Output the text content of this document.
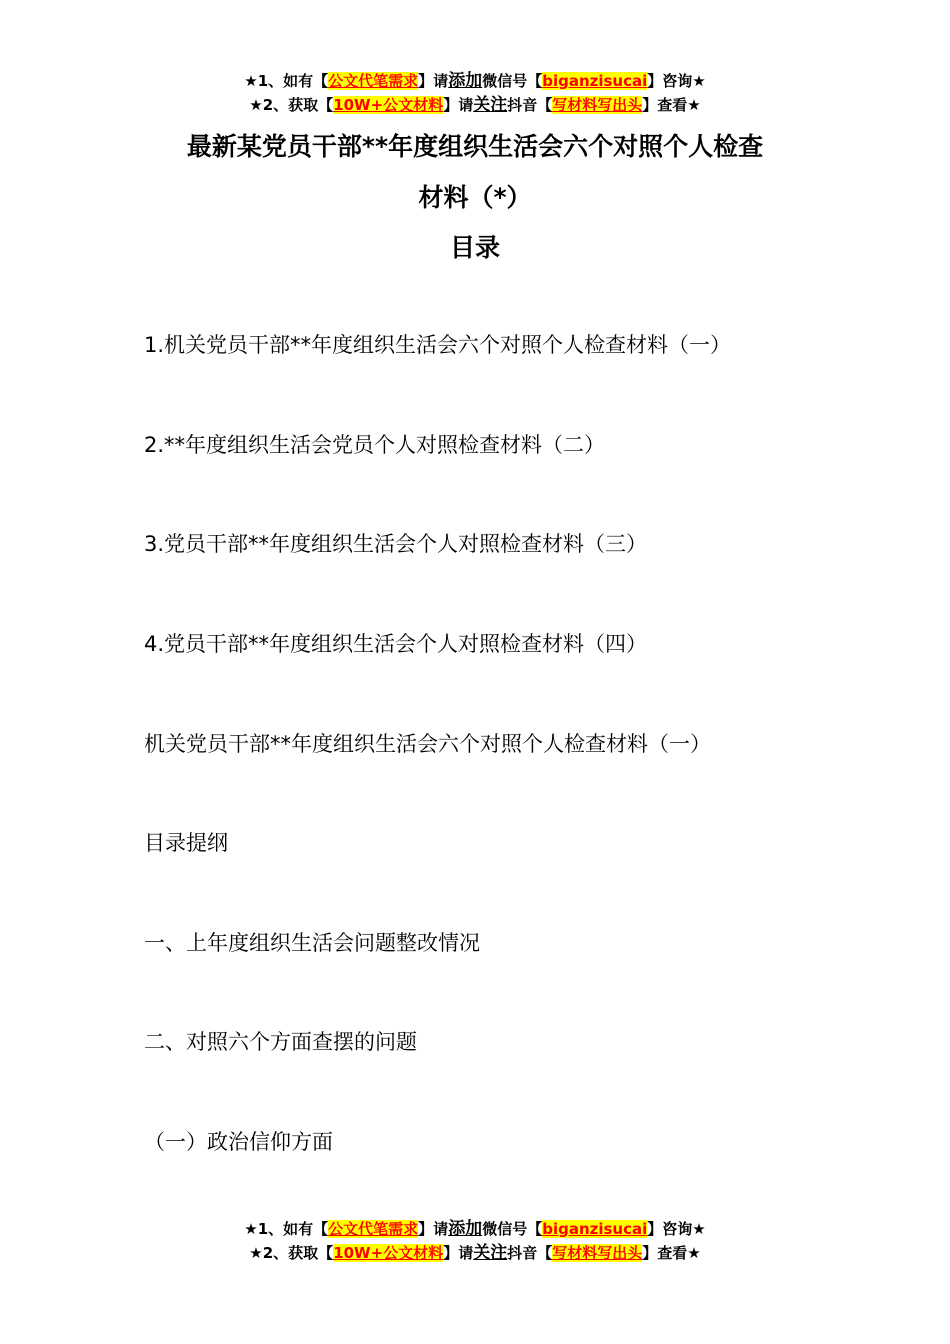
★1、如有【公文代笔需求】请添加微信号【biganzisucai】咨询★
★2、获取【10W+公文材料】请关注抖音【写材料写出头】查看★
最新某党员干部**年度组织生活会六个对照个人检查
材料（*）
目录
1.机关党员干部**年度组织生活会六个对照个人检查材料（一）
2.**年度组织生活会党员个人对照检查材料（二）
3.党员干部**年度组织生活会个人对照检查材料（三）
4.党员干部**年度组织生活会个人对照检查材料（四）
机关党员干部**年度组织生活会六个对照个人检查材料（一）
目录提纲
一、上年度组织生活会问题整改情况
二、对照六个方面查摆的问题
（一）政治信仰方面
★1、如有【公文代笔需求】请添加微信号【biganzisucai】咨询★
★2、获取【10W+公文材料】请关注抖音【写材料写出头】查看★
